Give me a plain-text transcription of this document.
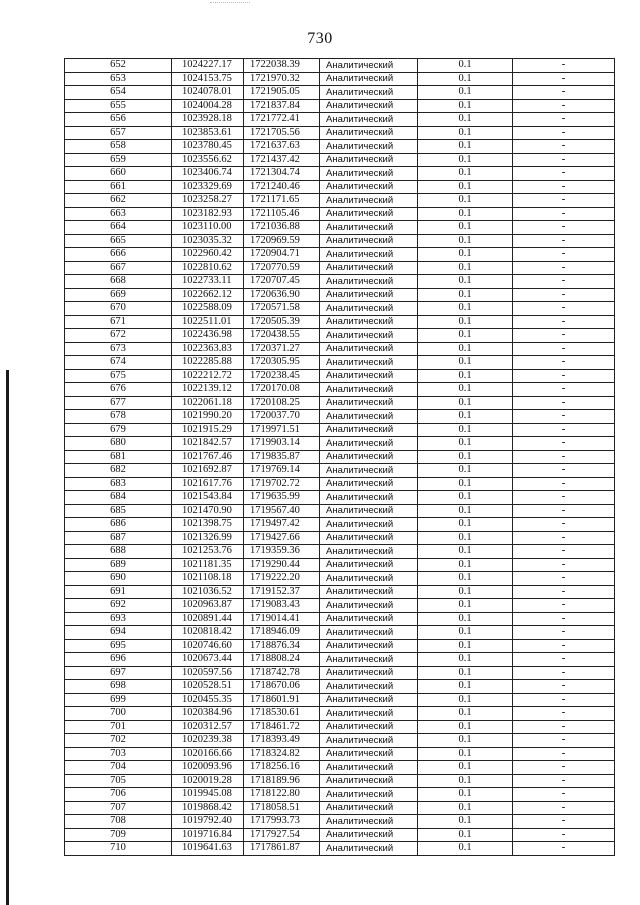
730
652	1024227.17	1722038.39	Аналитический	0.1	-
653	1024153.75	1721970.32	Аналитический	0.1	-
654	1024078.01	1721905.05	Аналитический	0.1	-
655	1024004.28	1721837.84	Аналитический	0.1	-
656	1023928.18	1721772.41	Аналитический	0.1	-
657	1023853.61	1721705.56	Аналитический	0.1	-
658	1023780.45	1721637.63	Аналитический	0.1	-
659	1023556.62	1721437.42	Аналитический	0.1	-
660	1023406.74	1721304.74	Аналитический	0.1	-
661	1023329.69	1721240.46	Аналитический	0.1	-
662	1023258.27	1721171.65	Аналитический	0.1	-
663	1023182.93	1721105.46	Аналитический	0.1	-
664	1023110.00	1721036.88	Аналитический	0.1	-
665	1023035.32	1720969.59	Аналитический	0.1	-
666	1022960.42	1720904.71	Аналитический	0.1	-
667	1022810.62	1720770.59	Аналитический	0.1	-
668	1022733.11	1720707.45	Аналитический	0.1	-
669	1022662.12	1720636.90	Аналитический	0.1	-
670	1022588.09	1720571.58	Аналитический	0.1	-
671	1022511.01	1720505.39	Аналитический	0.1	-
672	1022436.98	1720438.55	Аналитический	0.1	-
673	1022363.83	1720371.27	Аналитический	0.1	-
674	1022285.88	1720305.95	Аналитический	0.1	-
675	1022212.72	1720238.45	Аналитический	0.1	-
676	1022139.12	1720170.08	Аналитический	0.1	-
677	1022061.18	1720108.25	Аналитический	0.1	-
678	1021990.20	1720037.70	Аналитический	0.1	-
679	1021915.29	1719971.51	Аналитический	0.1	-
680	1021842.57	1719903.14	Аналитический	0.1	-
681	1021767.46	1719835.87	Аналитический	0.1	-
682	1021692.87	1719769.14	Аналитический	0.1	-
683	1021617.76	1719702.72	Аналитический	0.1	-
684	1021543.84	1719635.99	Аналитический	0.1	-
685	1021470.90	1719567.40	Аналитический	0.1	-
686	1021398.75	1719497.42	Аналитический	0.1	-
687	1021326.99	1719427.66	Аналитический	0.1	-
688	1021253.76	1719359.36	Аналитический	0.1	-
689	1021181.35	1719290.44	Аналитический	0.1	-
690	1021108.18	1719222.20	Аналитический	0.1	-
691	1021036.52	1719152.37	Аналитический	0.1	-
692	1020963.87	1719083.43	Аналитический	0.1	-
693	1020891.44	1719014.41	Аналитический	0.1	-
694	1020818.42	1718946.09	Аналитический	0.1	-
695	1020746.60	1718876.34	Аналитический	0.1	-
696	1020673.44	1718808.24	Аналитический	0.1	-
697	1020597.56	1718742.78	Аналитический	0.1	-
698	1020528.51	1718670.06	Аналитический	0.1	-
699	1020455.35	1718601.91	Аналитический	0.1	-
700	1020384.96	1718530.61	Аналитический	0.1	-
701	1020312.57	1718461.72	Аналитический	0.1	-
702	1020239.38	1718393.49	Аналитический	0.1	-
703	1020166.66	1718324.82	Аналитический	0.1	-
704	1020093.96	1718256.16	Аналитический	0.1	-
705	1020019.28	1718189.96	Аналитический	0.1	-
706	1019945.08	1718122.80	Аналитический	0.1	-
707	1019868.42	1718058.51	Аналитический	0.1	-
708	1019792.40	1717993.73	Аналитический	0.1	-
709	1019716.84	1717927.54	Аналитический	0.1	-
710	1019641.63	1717861.87	Аналитический	0.1	-
